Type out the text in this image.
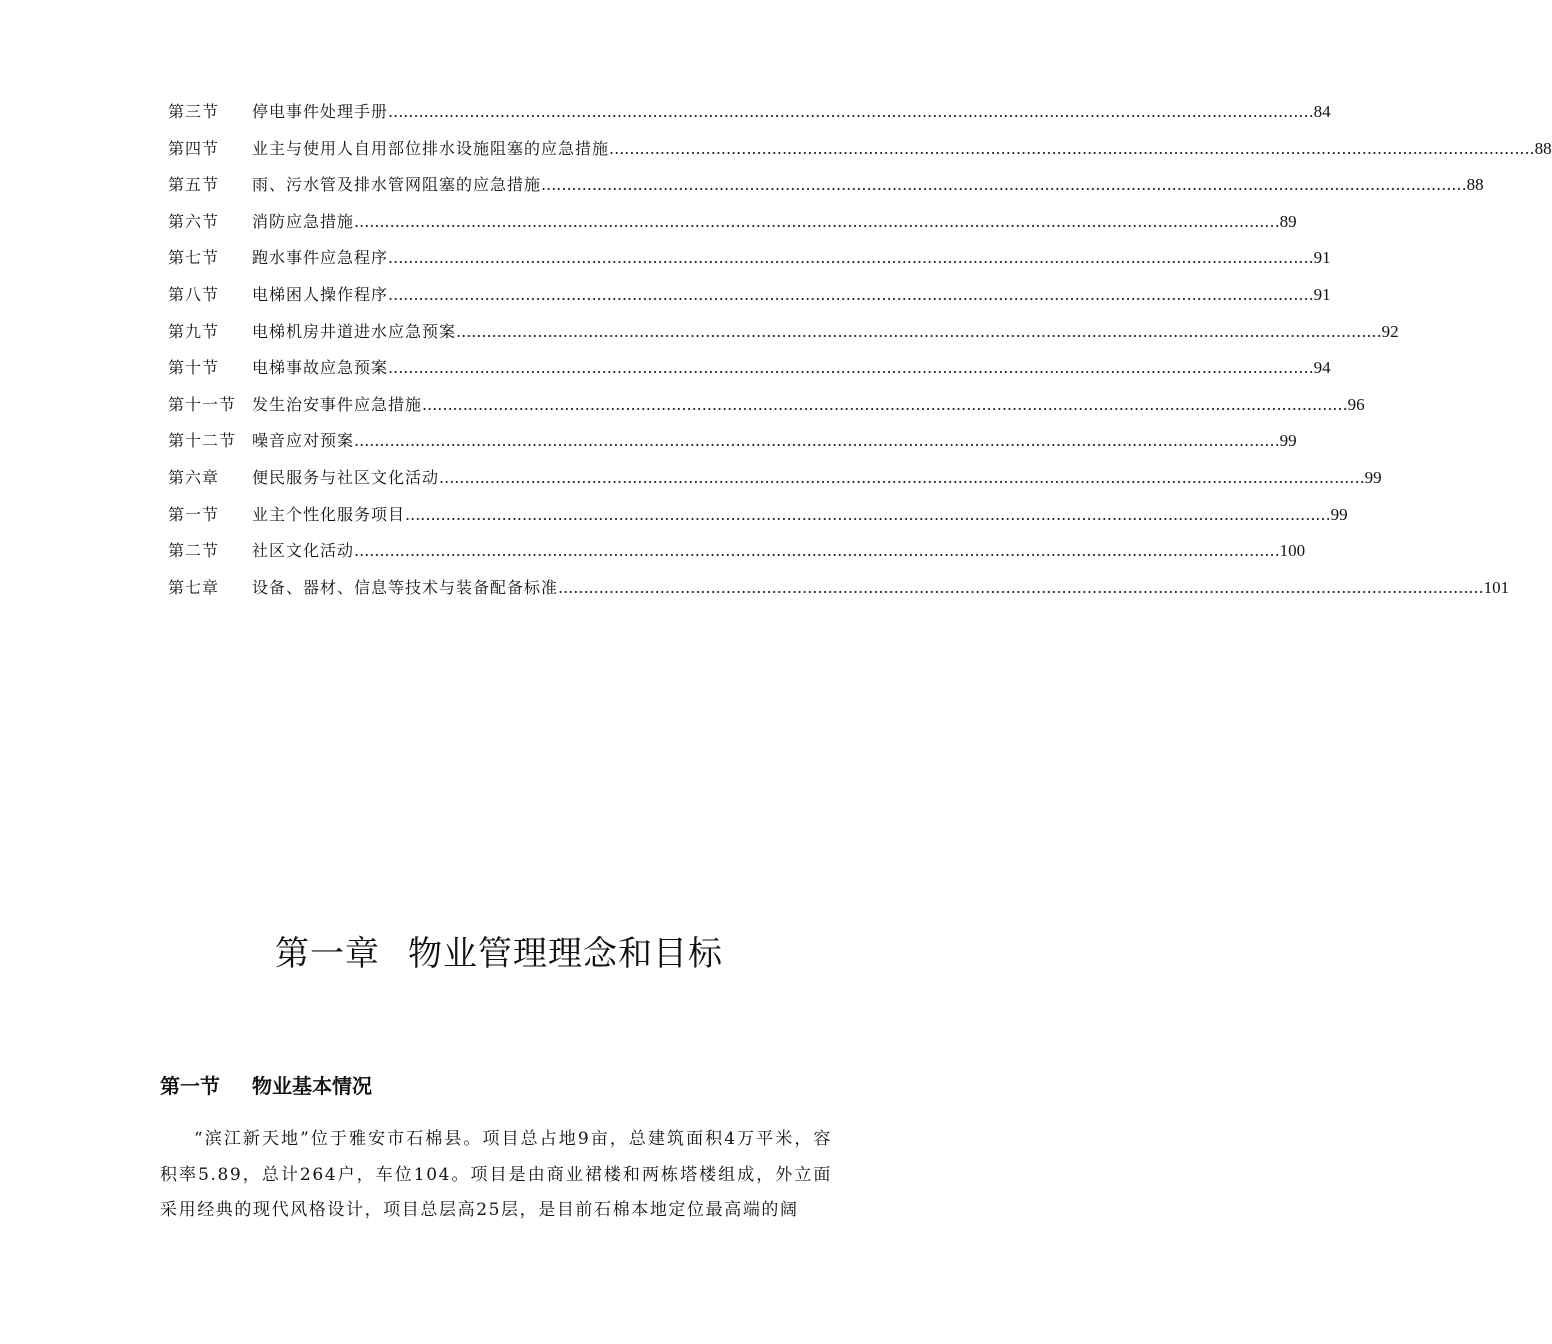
第三节	停电事件处理手册 ...................................................................................................................................................................................... 84
第四节	业主与使用人自用部位排水设施阻塞的应急措施 ...................................................................................................................................................................................... 88
第五节	雨、污水管及排水管网阻塞的应急措施 ...................................................................................................................................................................................... 88
第六节	消防应急措施 ...................................................................................................................................................................................... 89
第七节	跑水事件应急程序 ...................................................................................................................................................................................... 91
第八节	电梯困人操作程序 ...................................................................................................................................................................................... 91
第九节	电梯机房井道进水应急预案 ...................................................................................................................................................................................... 92
第十节	电梯事故应急预案 ...................................................................................................................................................................................... 94
第十一节 发生治安事件应急措施 ...................................................................................................................................................................................... 96
第十二节 噪音应对预案 ...................................................................................................................................................................................... 99
第六章	便民服务与社区文化活动 ...................................................................................................................................................................................... 99
第一节	业主个性化服务项目 ...................................................................................................................................................................................... 99
第二节	社区文化活动 ...................................................................................................................................................................................... 100
第七章	设备、器材、信息等技术与装备配备标准 ...................................................................................................................................................................................... 101
第一章 物业管理理念和目标
第一节 物业基本情况

“滨江新天地”位于雅安市石棉县。项目总占地9亩，总建筑面积4万平米，容积率5.89，总计264户，车位104。项目是由商业裙楼和两栋塔楼组成，外立面采用经典的现代风格设计，项目总层高25层，是目前石棉本地定位最高端的阔
